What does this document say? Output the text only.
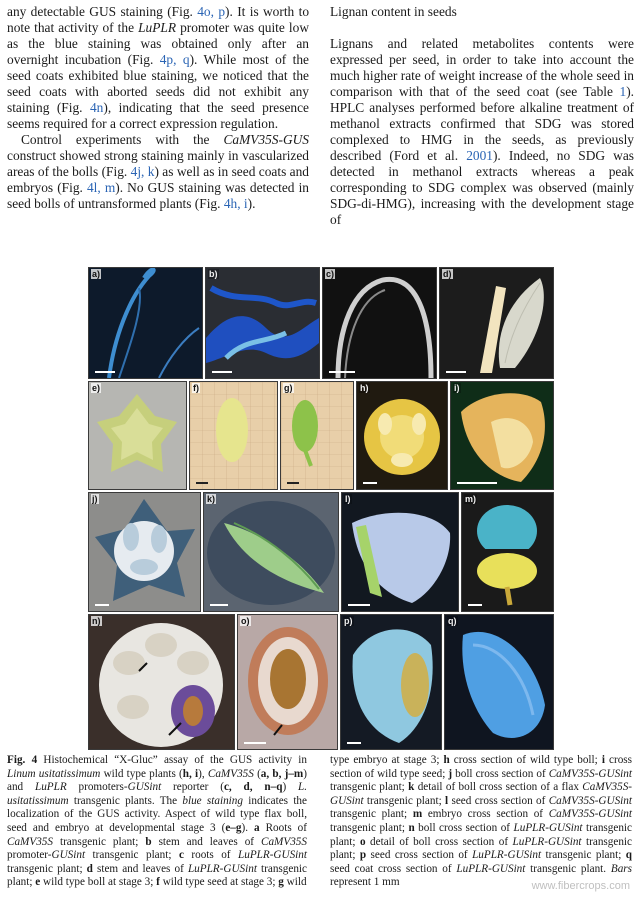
any detectable GUS staining (Fig. 4o, p). It is worth to note that activity of the LuPLR promoter was quite low as the blue staining was obtained only after an overnight incubation (Fig. 4p, q). While most of the seed coats exhibited blue staining, we noticed that the seed coats with aborted seeds did not exhibit any staining (Fig. 4n), indicating that the seed presence seems required for a correct expression regulation.

Control experiments with the CaMV35S-GUS construct showed strong staining mainly in vascularized areas of the bolls (Fig. 4j, k) as well as in seed coats and embryos (Fig. 4l, m). No GUS staining was detected in seed bolls of untransformed plants (Fig. 4h, i).

Lignan content in seeds

Lignans and related metabolites contents were expressed per seed, in order to take into account the much higher rate of weight increase of the whole seed in comparison with that of the seed coat (see Table 1). HPLC analyses performed before alkaline treatment of methanol extracts confirmed that SDG was stored complexed to HMG in the seeds, as previously described (Ford et al. 2001). Indeed, no SDG was detected in methanol extracts whereas a peak corresponding to SDG complex was observed (mainly SDG-di-HMG), increasing with the development stage of

a)	b)	c)	d)
e)	f)	g)	h)	i)
j)	k)	l)	m)
n)	o)	p)	q)

Fig. 4 Histochemical “X-Gluc” assay of the GUS activity in Linum usitatissimum wild type plants (h, i), CaMV35S (a, b, j–m) and LuPLR promoters-GUSint reporter (c, d, n–q) L. usitatissimum transgenic plants. The blue staining indicates the localization of the GUS activity. Aspect of wild type flax boll, seed and embryo at developmental stage 3 (e–g). a Roots of CaMV35S transgenic plant; b stem and leaves of CaMV35S promoter-GUSint transgenic plant; c roots of LuPLR-GUSint transgenic plant; d stem and leaves of LuPLR-GUSint transgenic plant; e wild type boll at stage 3; f wild type seed at stage 3; g wild

type embryo at stage 3; h cross section of wild type boll; i cross section of wild type seed; j boll cross section of CaMV35S-GUSint transgenic plant; k detail of boll cross section of a flax CaMV35S-GUSint transgenic plant; l seed cross section of CaMV35S-GUSint transgenic plant; m embryo cross section of CaMV35S-GUSint transgenic plant; n boll cross section of LuPLR-GUSint transgenic plant; o detail of boll cross section of LuPLR-GUSint transgenic plant; p seed cross section of LuPLR-GUSint transgenic plant; q seed coat cross section of LuPLR-GUSint transgenic plant. Bars represent 1 mm	www.fibercrops.com
